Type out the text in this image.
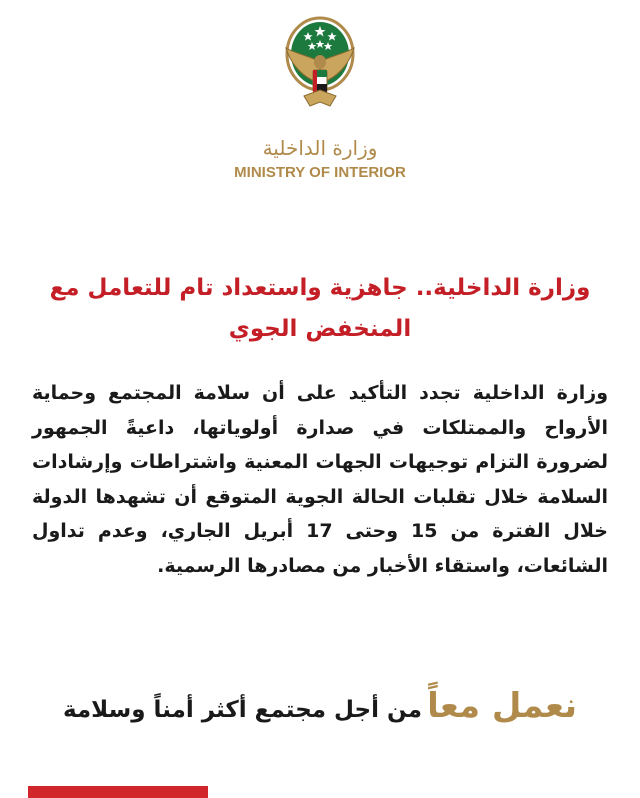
وزارة الداخلية
MINISTRY OF INTERIOR
وزارة الداخلية.. جاهزية واستعداد تام للتعامل مع المنخفض الجوي
وزارة الداخلية تجدد التأكيد على أن سلامة المجتمع وحماية الأرواح والممتلكات في صدارة أولوياتها، داعيةً الجمهور لضرورة التزام توجيهات الجهات المعنية واشتراطات وإرشادات السلامة خلال تقلبات الحالة الجوية المتوقع أن تشهدها الدولة خلال الفترة من 15 وحتى 17 أبريل الجاري، وعدم تداول الشائعات، واستقاء الأخبار من مصادرها الرسمية.
نعمل معاً من أجل مجتمع أكثر أمناً وسلامة
